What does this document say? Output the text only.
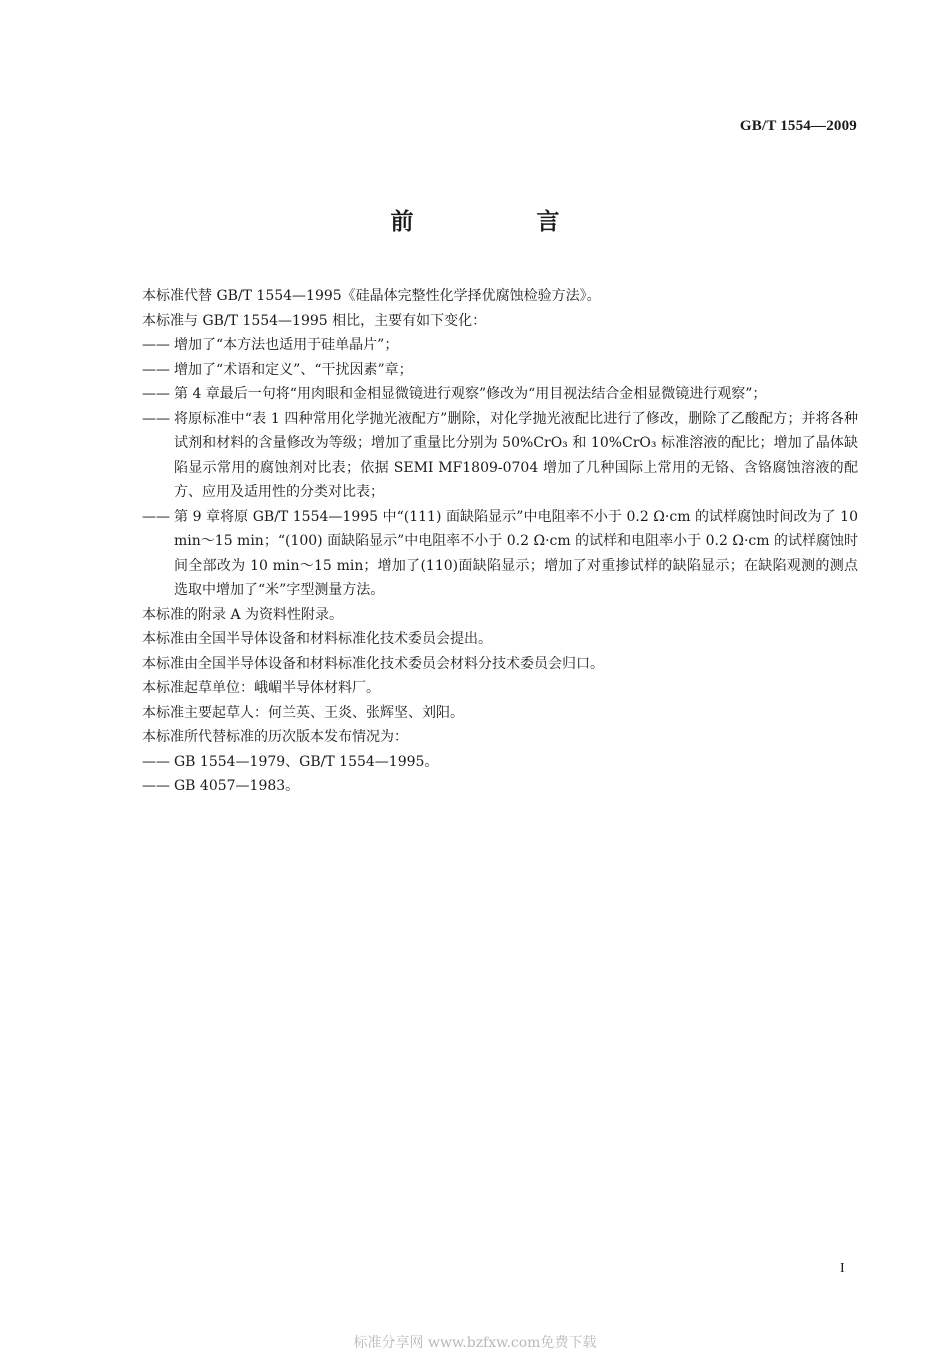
GB/T 1554—2009
前　言
本标准代替 GB/T 1554—1995《硅晶体完整性化学择优腐蚀检验方法》。
本标准与 GB/T 1554—1995 相比，主要有如下变化：
—— 增加了“本方法也适用于硅单晶片”；
—— 增加了“术语和定义”、“干扰因素”章；
—— 第 4 章最后一句将“用肉眼和金相显微镜进行观察”修改为“用目视法结合金相显微镜进行观察”；
—— 将原标准中“表 1 四种常用化学抛光液配方”删除，对化学抛光液配比进行了修改，删除了乙酸配方；并将各种试剂和材料的含量修改为等级；增加了重量比分别为 50%CrO₃ 和 10%CrO₃ 标准溶液的配比；增加了晶体缺陷显示常用的腐蚀剂对比表；依据 SEMI MF1809-0704 增加了几种国际上常用的无铬、含铬腐蚀溶液的配方、应用及适用性的分类对比表；
—— 第 9 章将原 GB/T 1554—1995 中“(111) 面缺陷显示”中电阻率不小于 0.2 Ω·cm 的试样腐蚀时间改为了 10 min～15 min；“(100) 面缺陷显示”中电阻率不小于 0.2 Ω·cm 的试样和电阻率小于 0.2 Ω·cm 的试样腐蚀时间全部改为 10 min～15 min；增加了(110)面缺陷显示；增加了对重掺试样的缺陷显示；在缺陷观测的测点选取中增加了“米”字型测量方法。
本标准的附录 A 为资料性附录。
本标准由全国半导体设备和材料标准化技术委员会提出。
本标准由全国半导体设备和材料标准化技术委员会材料分技术委员会归口。
本标准起草单位：峨嵋半导体材料厂。
本标准主要起草人：何兰英、王炎、张辉坚、刘阳。
本标准所代替标准的历次版本发布情况为：
—— GB 1554—1979、GB/T 1554—1995。
—— GB 4057—1983。
I
标准分享网 www.bzfxw.com免费下载
